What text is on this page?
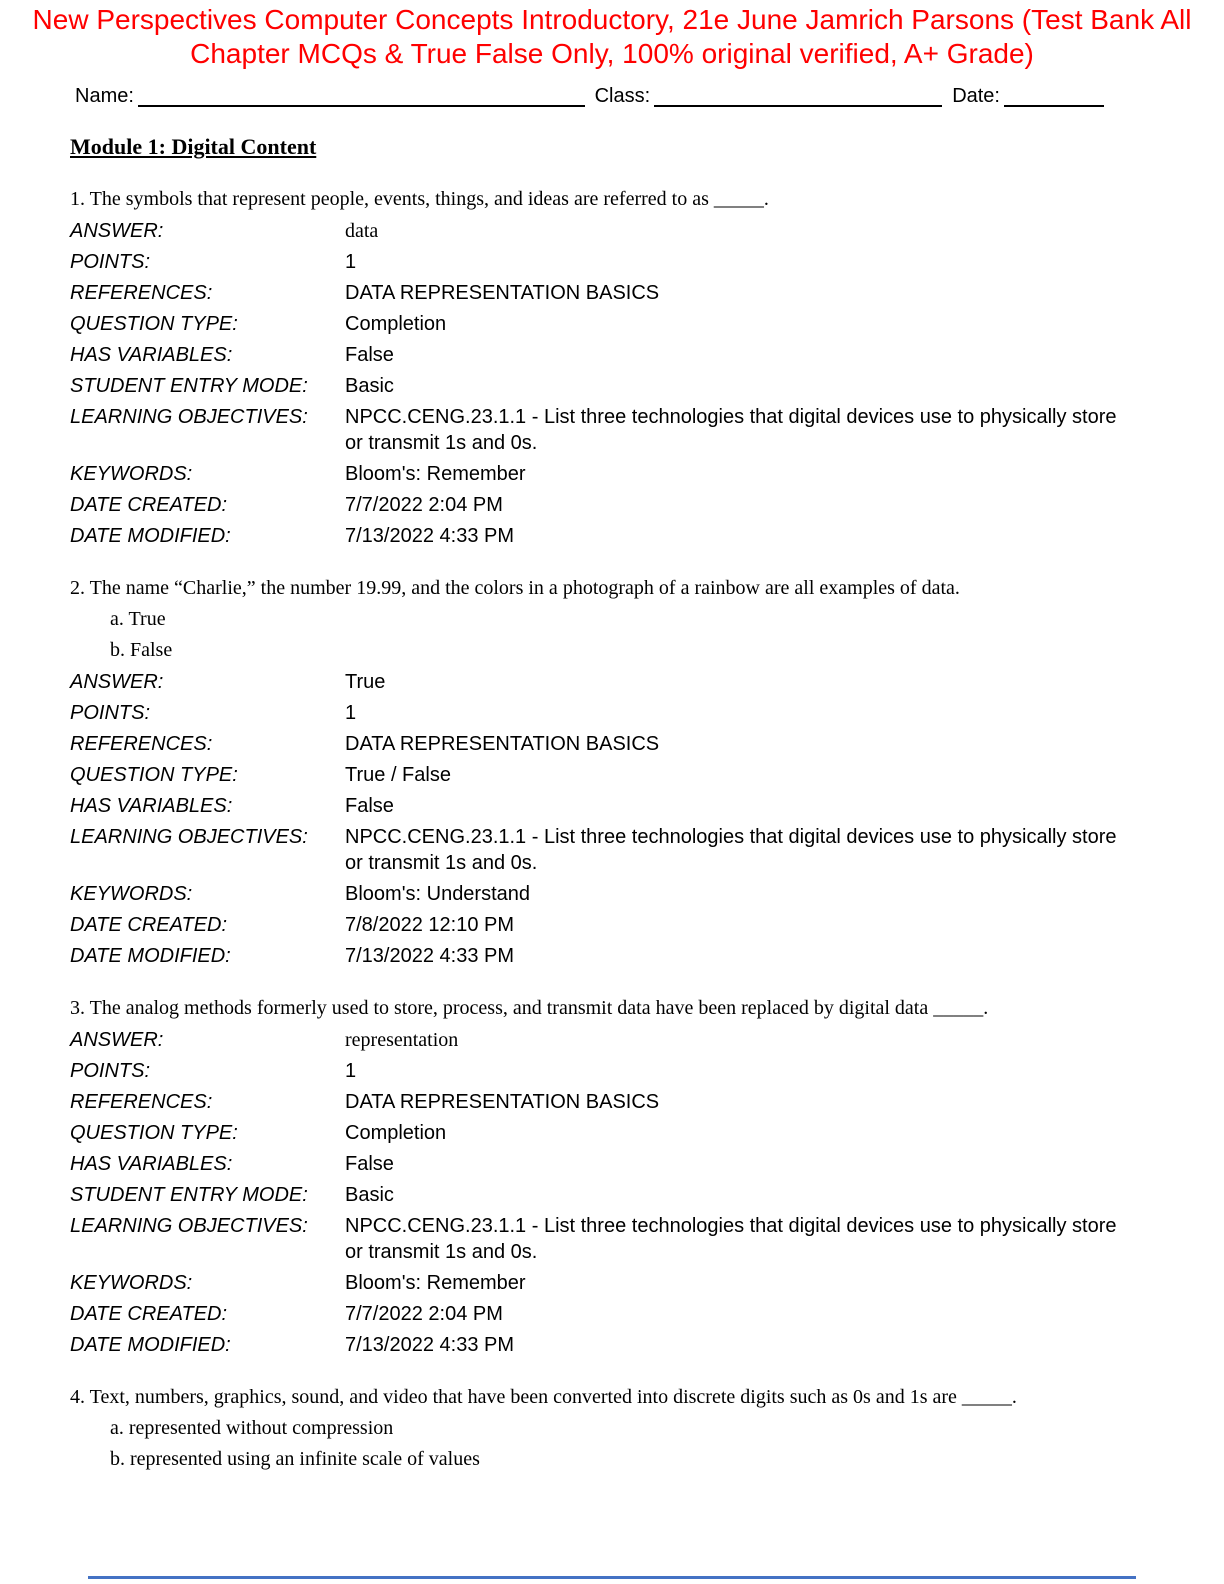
New Perspectives Computer Concepts Introductory, 21e June Jamrich Parsons (Test Bank All
Chapter MCQs & True False Only, 100% original verified, A+ Grade)
Name:	Class:	Date:
Module 1: Digital Content
1. The symbols that represent people, events, things, and ideas are referred to as _____.
ANSWER:	data
POINTS:	1
REFERENCES:	DATA REPRESENTATION BASICS
QUESTION TYPE:	Completion
HAS VARIABLES:	False
STUDENT ENTRY MODE:	Basic
LEARNING OBJECTIVES:	NPCC.CENG.23.1.1 - List three technologies that digital devices use to physically store or transmit 1s and 0s.
KEYWORDS:	Bloom's: Remember
DATE CREATED:	7/7/2022 2:04 PM
DATE MODIFIED:	7/13/2022 4:33 PM
2. The name “Charlie,” the number 19.99, and the colors in a photograph of a rainbow are all examples of data.
a. True
b. False
ANSWER:	True
POINTS:	1
REFERENCES:	DATA REPRESENTATION BASICS
QUESTION TYPE:	True / False
HAS VARIABLES:	False
LEARNING OBJECTIVES:	NPCC.CENG.23.1.1 - List three technologies that digital devices use to physically store or transmit 1s and 0s.
KEYWORDS:	Bloom's: Understand
DATE CREATED:	7/8/2022 12:10 PM
DATE MODIFIED:	7/13/2022 4:33 PM
3. The analog methods formerly used to store, process, and transmit data have been replaced by digital data _____.
ANSWER:	representation
POINTS:	1
REFERENCES:	DATA REPRESENTATION BASICS
QUESTION TYPE:	Completion
HAS VARIABLES:	False
STUDENT ENTRY MODE:	Basic
LEARNING OBJECTIVES:	NPCC.CENG.23.1.1 - List three technologies that digital devices use to physically store or transmit 1s and 0s.
KEYWORDS:	Bloom's: Remember
DATE CREATED:	7/7/2022 2:04 PM
DATE MODIFIED:	7/13/2022 4:33 PM
4. Text, numbers, graphics, sound, and video that have been converted into discrete digits such as 0s and 1s are _____.
a. represented without compression
b. represented using an infinite scale of values
